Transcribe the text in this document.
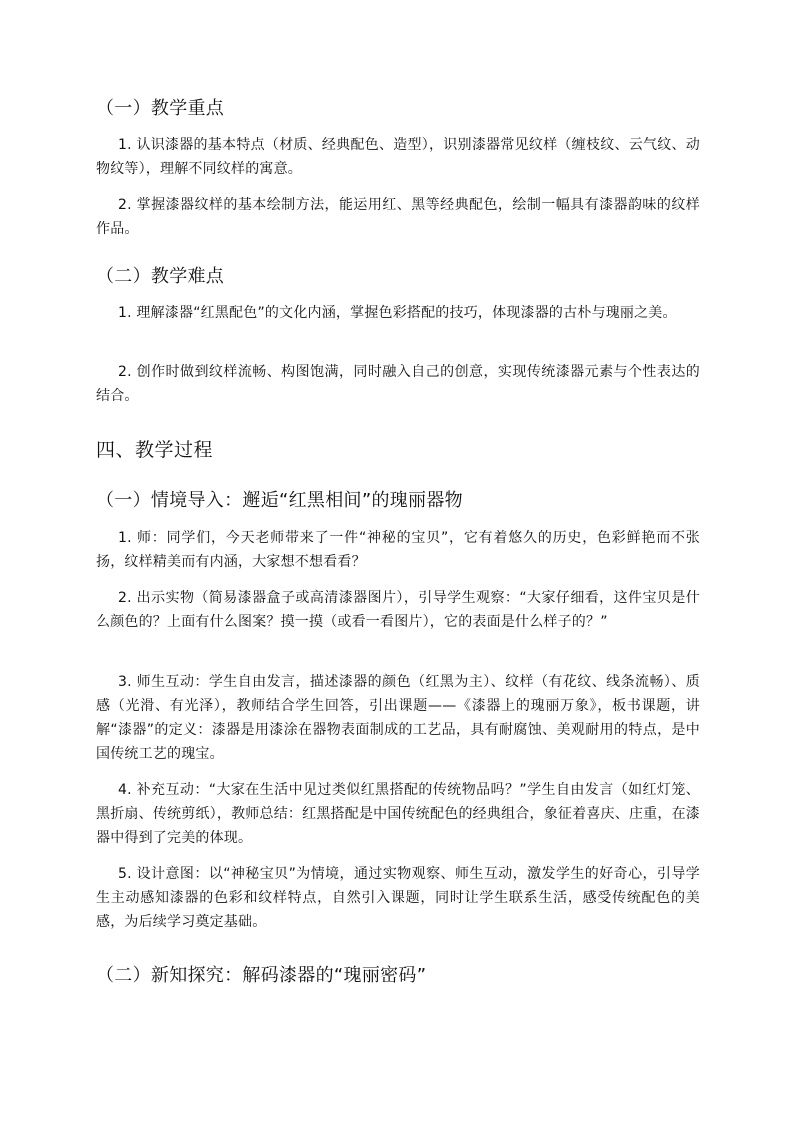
（一）教学重点

1. 认识漆器的基本特点（材质、经典配色、造型），识别漆器常见纹样（缠枝纹、云气纹、动物纹等），理解不同纹样的寓意。

2. 掌握漆器纹样的基本绘制方法，能运用红、黑等经典配色，绘制一幅具有漆器韵味的纹样作品。

（二）教学难点

1. 理解漆器“红黑配色”的文化内涵，掌握色彩搭配的技巧，体现漆器的古朴与瑰丽之美。

2. 创作时做到纹样流畅、构图饱满，同时融入自己的创意，实现传统漆器元素与个性表达的结合。

四、教学过程
（一）情境导入：邂逅“红黑相间”的瑰丽器物

1. 师：同学们，今天老师带来了一件“神秘的宝贝”，它有着悠久的历史，色彩鲜艳而不张扬，纹样精美而有内涵，大家想不想看看？

2. 出示实物（简易漆器盒子或高清漆器图片），引导学生观察：“大家仔细看，这件宝贝是什么颜色的？上面有什么图案？摸一摸（或看一看图片），它的表面是什么样子的？”

3. 师生互动：学生自由发言，描述漆器的颜色（红黑为主）、纹样（有花纹、线条流畅）、质感（光滑、有光泽），教师结合学生回答，引出课题——《漆器上的瑰丽万象》，板书课题，讲解“漆器”的定义：漆器是用漆涂在器物表面制成的工艺品，具有耐腐蚀、美观耐用的特点，是中国传统工艺的瑰宝。

4. 补充互动：“大家在生活中见过类似红黑搭配的传统物品吗？”学生自由发言（如红灯笼、黑折扇、传统剪纸），教师总结：红黑搭配是中国传统配色的经典组合，象征着喜庆、庄重，在漆器中得到了完美的体现。

5. 设计意图：以“神秘宝贝”为情境，通过实物观察、师生互动，激发学生的好奇心，引导学生主动感知漆器的色彩和纹样特点，自然引入课题，同时让学生联系生活，感受传统配色的美感，为后续学习奠定基础。

（二）新知探究：解码漆器的“瑰丽密码”
